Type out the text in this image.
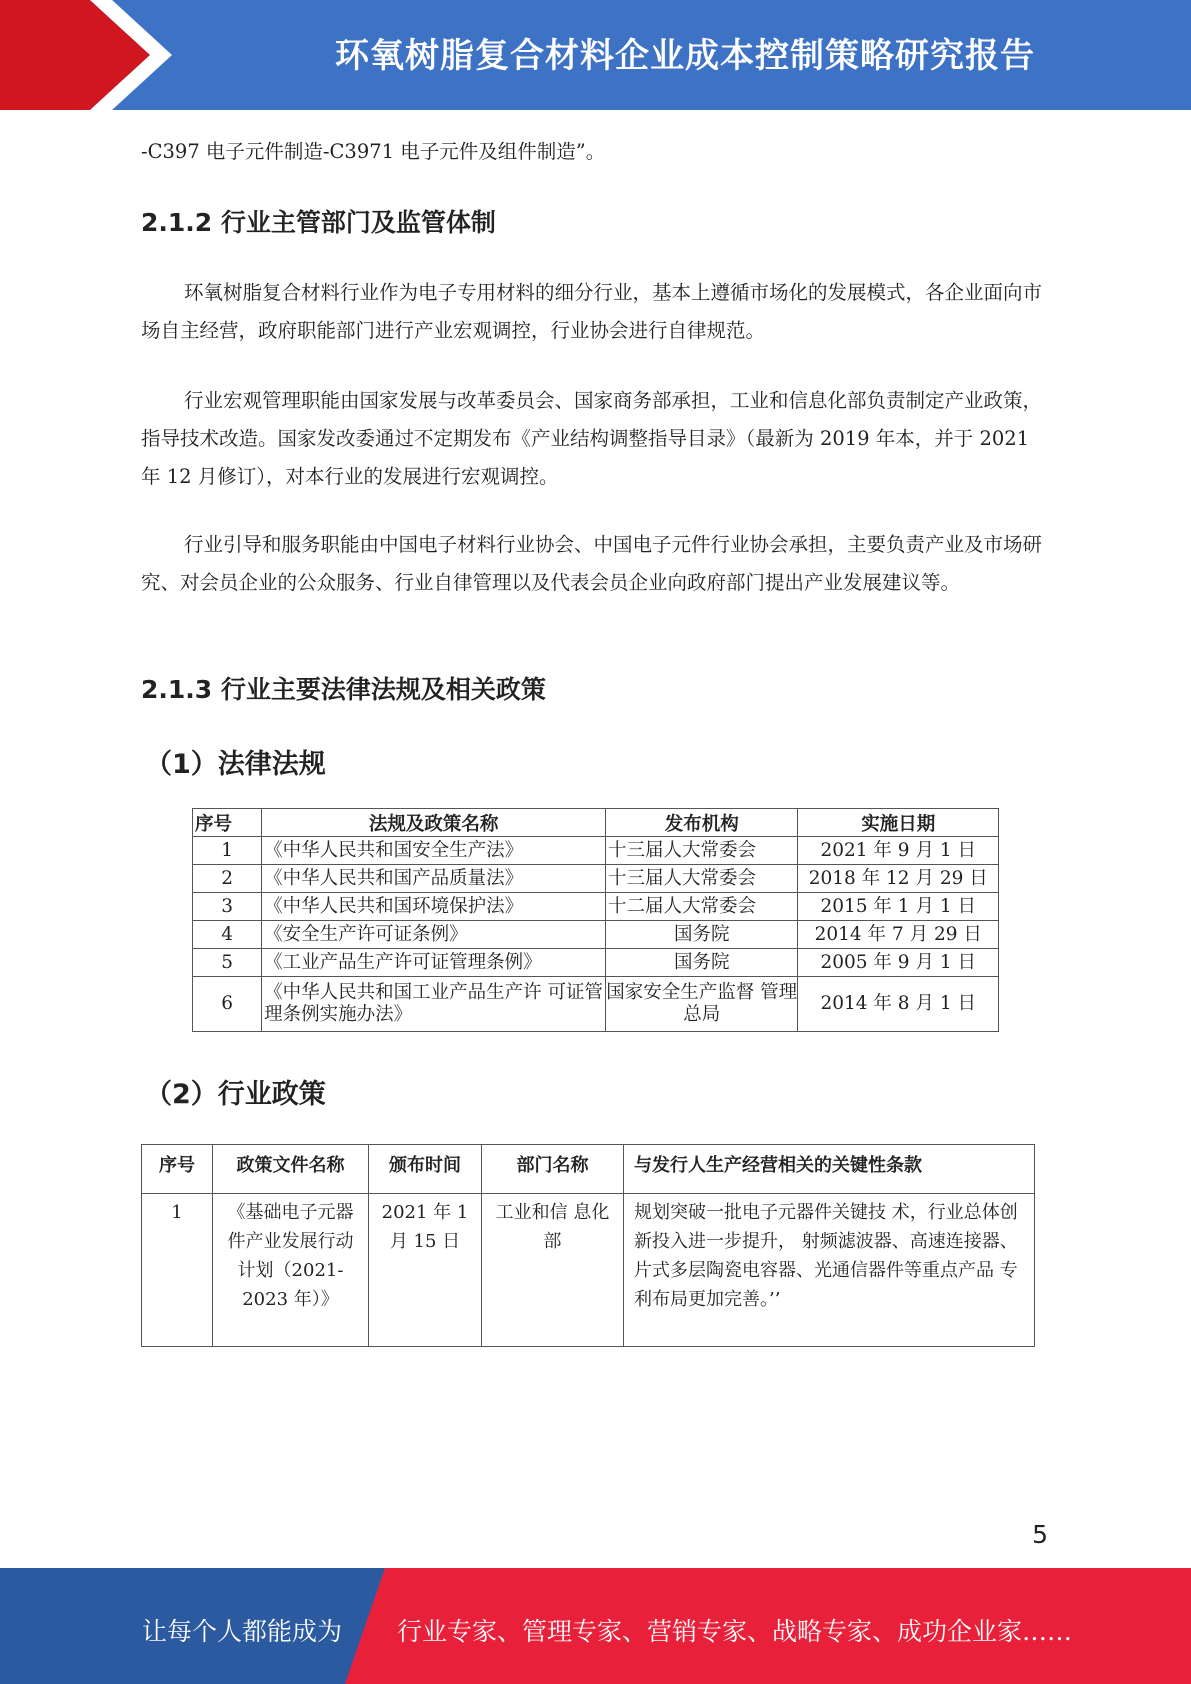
环氧树脂复合材料企业成本控制策略研究报告

-C397 电子元件制造-C3971 电子元件及组件制造”。

2.1.2 行业主管部门及监管体制

环氧树脂复合材料行业作为电子专用材料的细分行业，基本上遵循市场化的发展模式，各企业面向市场自主经营，政府职能部门进行产业宏观调控，行业协会进行自律规范。

行业宏观管理职能由国家发展与改革委员会、国家商务部承担，工业和信息化部负责制定产业政策，指导技术改造。国家发改委通过不定期发布《产业结构调整指导目录》（最新为 2019 年本，并于 2021 年 12 月修订），对本行业的发展进行宏观调控。

行业引导和服务职能由中国电子材料行业协会、中国电子元件行业协会承担，主要负责产业及市场研究、对会员企业的公众服务、行业自律管理以及代表会员企业向政府部门提出产业发展建议等。

2.1.3 行业主要法律法规及相关政策
（1）法律法规
序号	法规及政策名称	发布机构	实施日期
1	《中华人民共和国安全生产法》	十三届人大常委会	2021 年 9 月 1 日
2	《中华人民共和国产品质量法》	十三届人大常委会	2018 年 12 月 29 日
3	《中华人民共和国环境保护法》	十二届人大常委会	2015 年 1 月 1 日
4	《安全生产许可证条例》	国务院	2014 年 7 月 29 日
5	《工业产品生产许可证管理条例》	国务院	2005 年 9 月 1 日
6	《中华人民共和国工业产品生产许 可证管理条例实施办法》	国家安全生产监督 管理总局	2014 年 8 月 1 日
（2）行业政策
序号	政策文件名称	颁布时间	部门名称	与发行人生产经营相关的关键性条款
1	《基础电子元器件产业发展行动计划（2021-2023 年）》	2021 年 1 月 15 日	工业和信 息化部	规划突破一批电子元器件关键技 术，行业总体创新投入进一步提升， 射频滤波器、高速连接器、片式多层陶瓷电容器、光通信器件等重点产品 专利布局更加完善。’’
5
让每个人都能成为 行业专家、管理专家、营销专家、战略专家、成功企业家……
